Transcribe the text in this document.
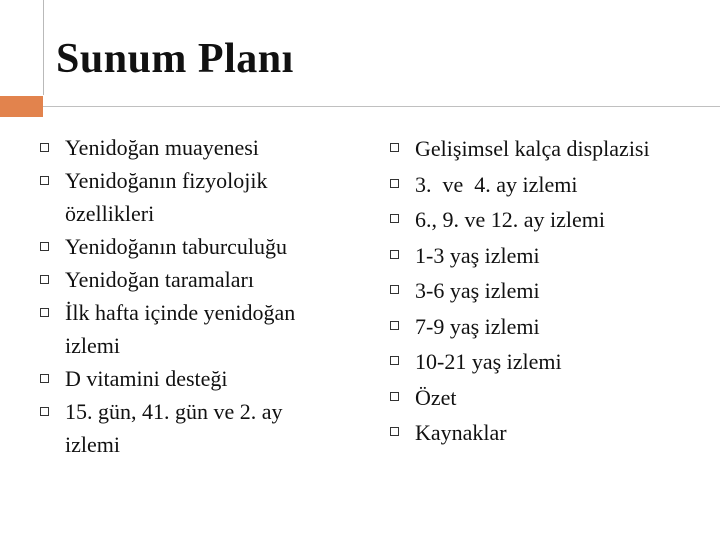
Sunum Planı
Yenidoğan muayenesi
Yenidoğanın fizyolojik özellikleri
Yenidoğanın taburculuğu
Yenidoğan taramaları
İlk hafta içinde yenidoğan izlemi
D vitamini desteği
15. gün, 41. gün ve 2. ay izlemi
Gelişimsel kalça displazisi
3.  ve  4. ay izlemi
6., 9. ve 12. ay izlemi
1-3 yaş izlemi
3-6 yaş izlemi
7-9 yaş izlemi
10-21 yaş izlemi
Özet
Kaynaklar
